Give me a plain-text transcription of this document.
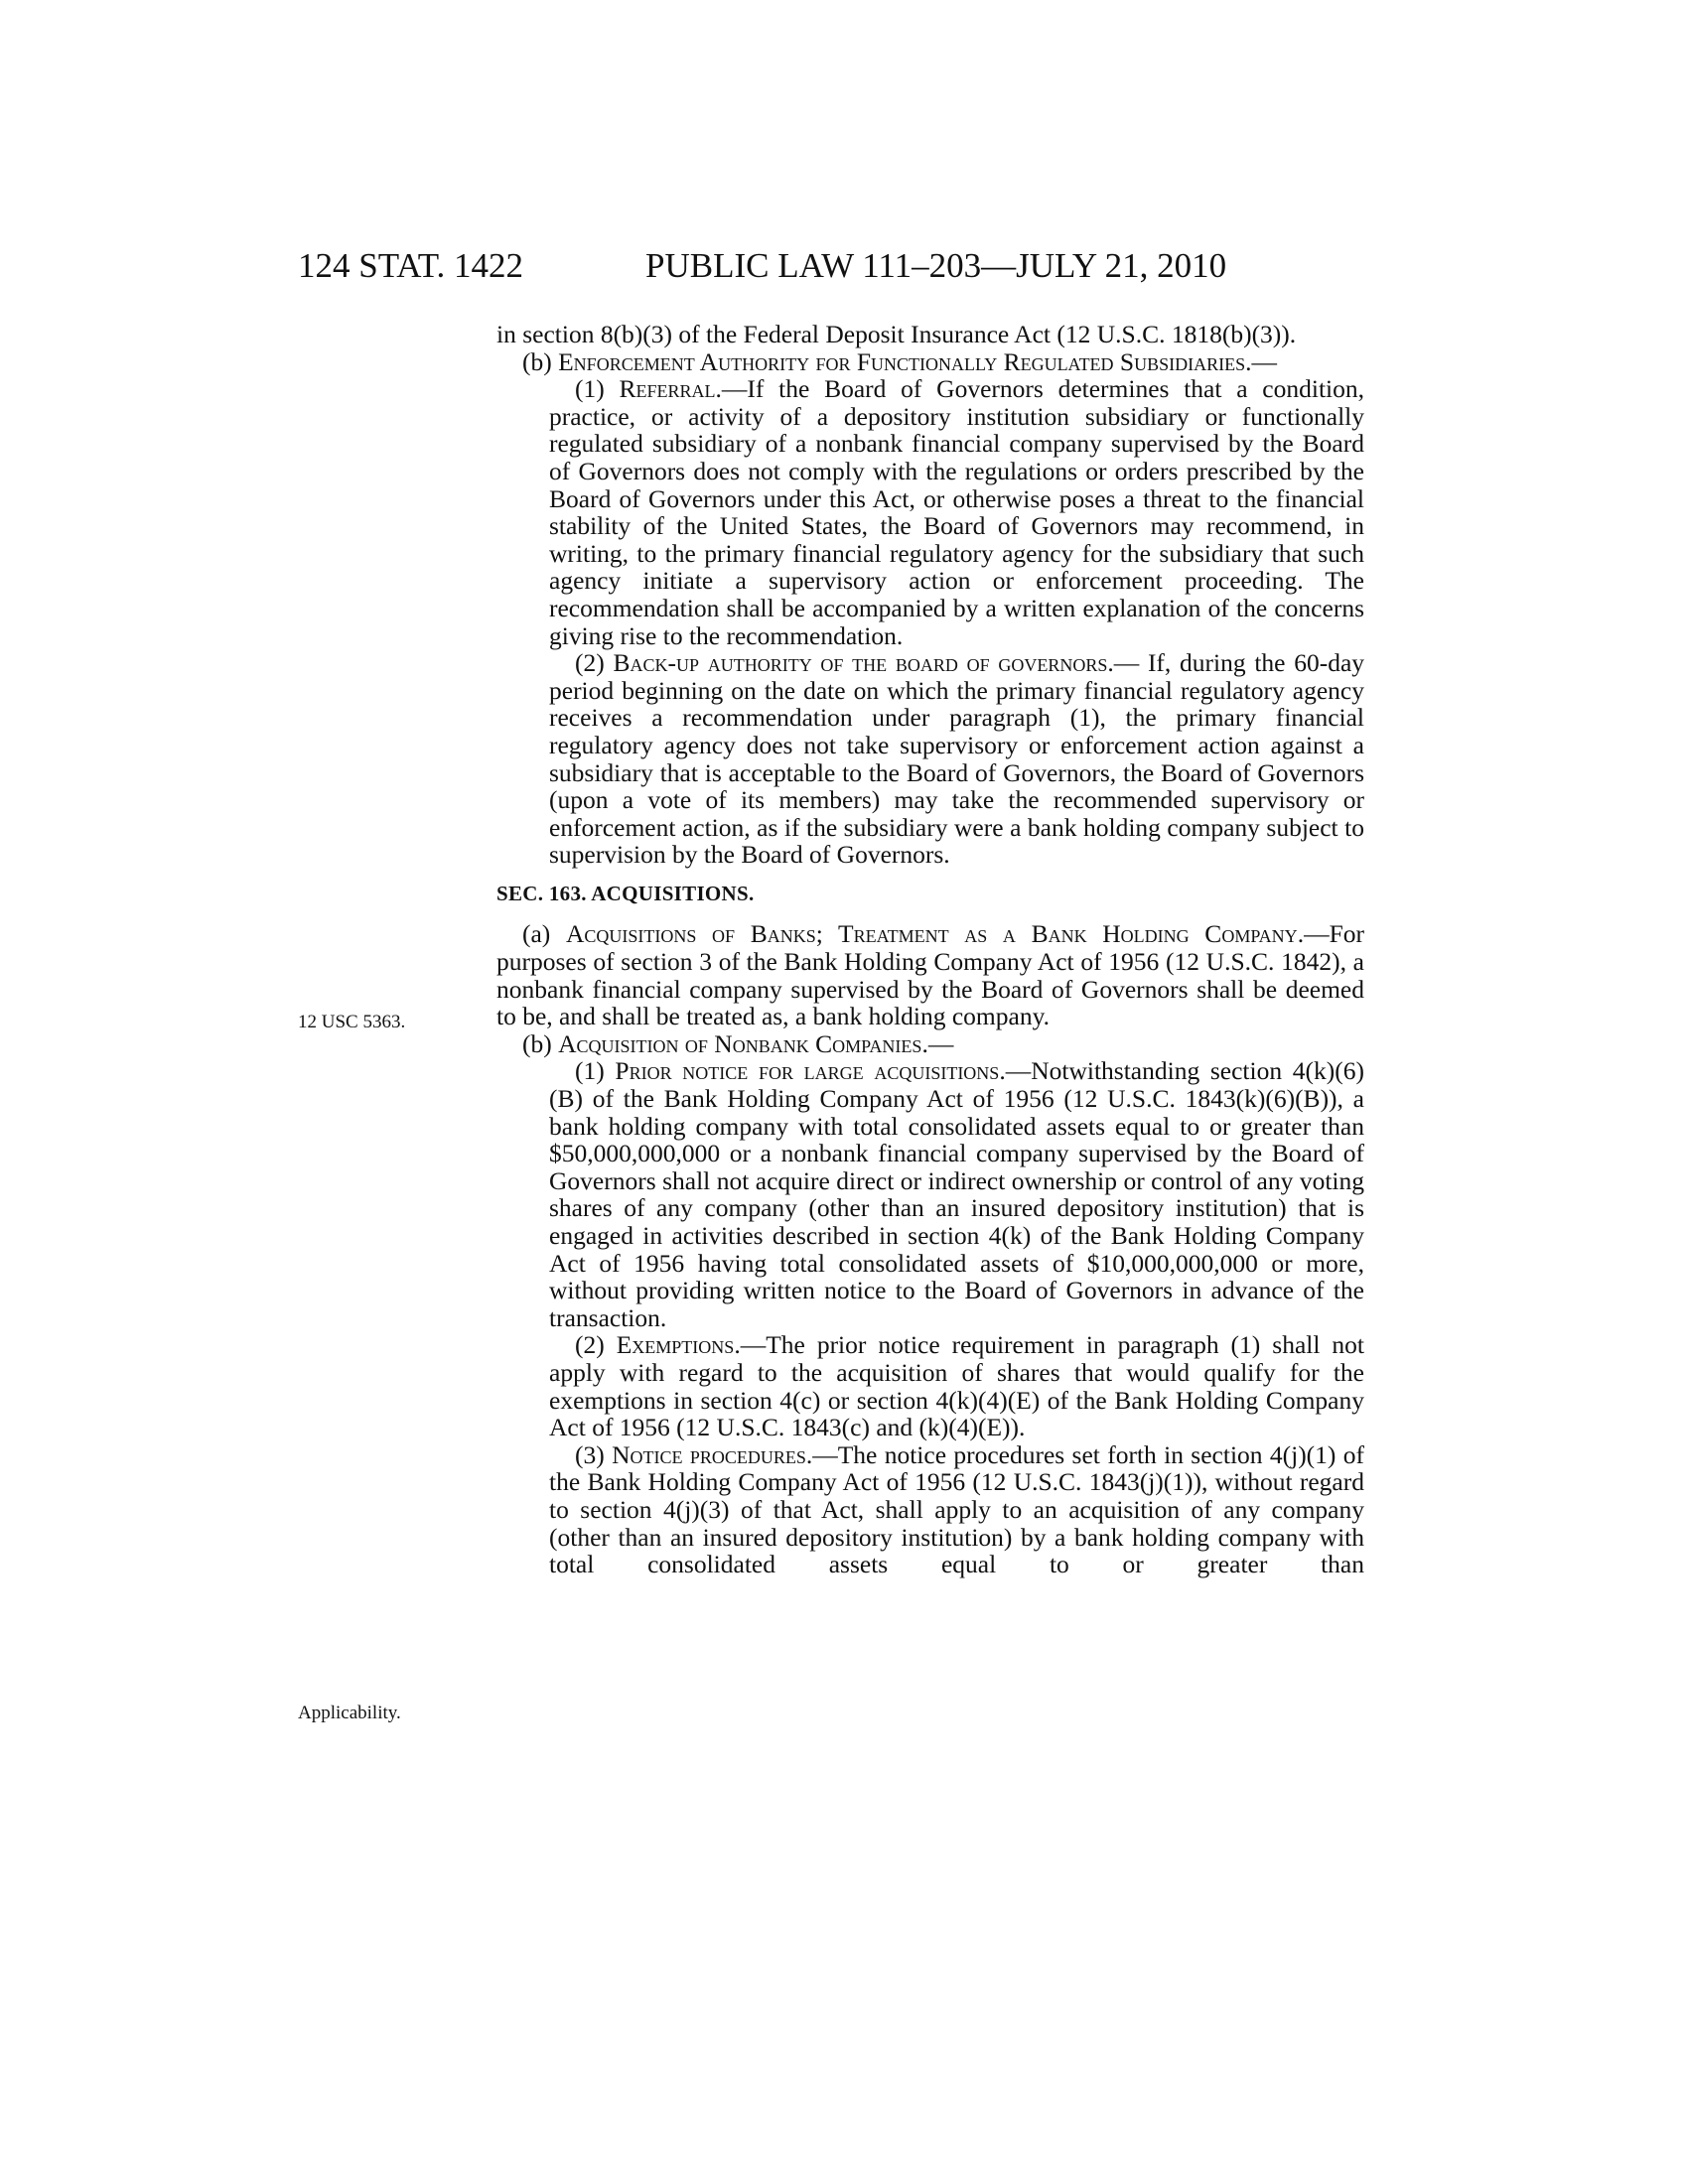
124 STAT. 1422	PUBLIC LAW 111–203—JULY 21, 2010
12 USC 5363.
Applicability.

in section 8(b)(3) of the Federal Deposit Insurance Act (12 U.S.C. 1818(b)(3)).

(b) Enforcement Authority for Functionally Regulated Subsidiaries.—

(1) Referral.—If the Board of Governors determines that a condition, practice, or activity of a depository institution subsidiary or functionally regulated subsidiary of a nonbank financial company supervised by the Board of Governors does not comply with the regulations or orders prescribed by the Board of Governors under this Act, or otherwise poses a threat to the financial stability of the United States, the Board of Governors may recommend, in writing, to the primary financial regulatory agency for the subsidiary that such agency initiate a supervisory action or enforcement proceeding. The recommendation shall be accompanied by a written explanation of the concerns giving rise to the recommendation.

(2) Back-up authority of the board of governors.— If, during the 60-day period beginning on the date on which the primary financial regulatory agency receives a recommendation under paragraph (1), the primary financial regulatory agency does not take supervisory or enforcement action against a subsidiary that is acceptable to the Board of Governors, the Board of Governors (upon a vote of its members) may take the recommended supervisory or enforcement action, as if the subsidiary were a bank holding company subject to supervision by the Board of Governors.

SEC. 163. ACQUISITIONS.

(a) Acquisitions of Banks; Treatment as a Bank Holding Company.—For purposes of section 3 of the Bank Holding Company Act of 1956 (12 U.S.C. 1842), a nonbank financial company supervised by the Board of Governors shall be deemed to be, and shall be treated as, a bank holding company.

(b) Acquisition of Nonbank Companies.—

(1) Prior notice for large acquisitions.—Notwithstanding section 4(k)(6)(B) of the Bank Holding Company Act of 1956 (12 U.S.C. 1843(k)(6)(B)), a bank holding company with total consolidated assets equal to or greater than $50,000,000,000 or a nonbank financial company supervised by the Board of Governors shall not acquire direct or indirect ownership or control of any voting shares of any company (other than an insured depository institution) that is engaged in activities described in section 4(k) of the Bank Holding Company Act of 1956 having total consolidated assets of $10,000,000,000 or more, without providing written notice to the Board of Governors in advance of the transaction.

(2) Exemptions.—The prior notice requirement in paragraph (1) shall not apply with regard to the acquisition of shares that would qualify for the exemptions in section 4(c) or section 4(k)(4)(E) of the Bank Holding Company Act of 1956 (12 U.S.C. 1843(c) and (k)(4)(E)).

(3) Notice procedures.—The notice procedures set forth in section 4(j)(1) of the Bank Holding Company Act of 1956 (12 U.S.C. 1843(j)(1)), without regard to section 4(j)(3) of that Act, shall apply to an acquisition of any company (other than an insured depository institution) by a bank holding company with total consolidated assets equal to or greater than
